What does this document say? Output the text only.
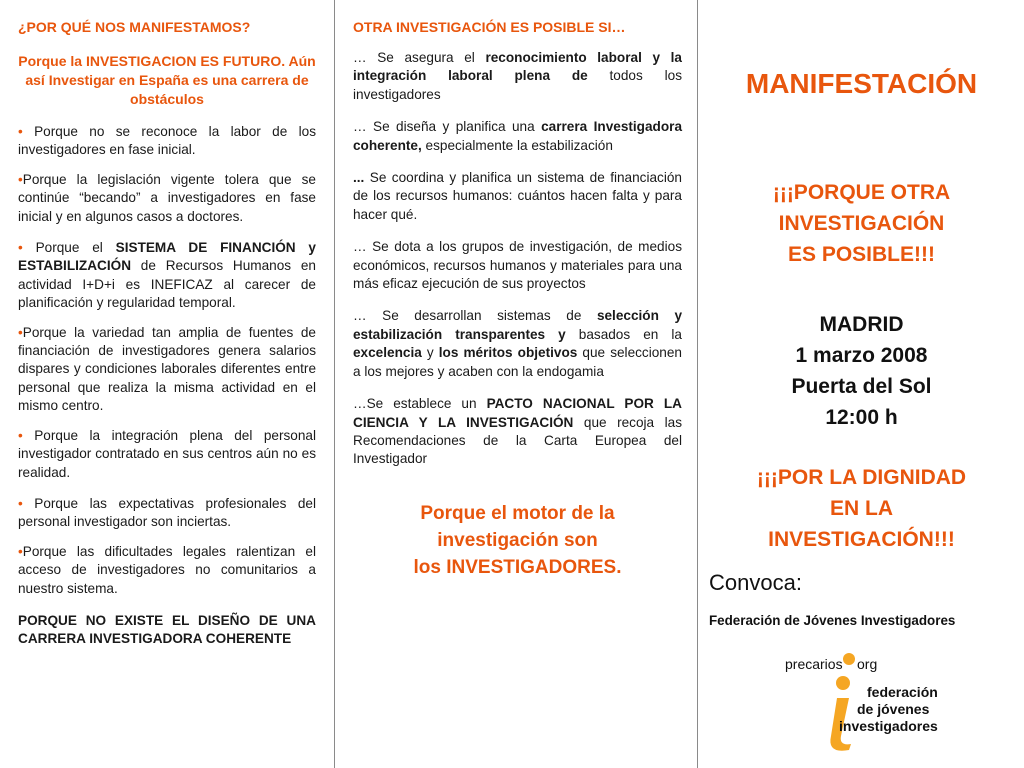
¿POR QUÉ NOS MANIFESTAMOS?

Porque la INVESTIGACION ES FUTURO. Aún así Investigar en España es una carrera de obstáculos

• Porque no se reconoce la labor de los investigadores en fase inicial.

•Porque la legislación vigente tolera que se continúe “becando” a investigadores en fase inicial y en algunos casos a doctores.

• Porque el SISTEMA DE FINANCIÓN y ESTABILIZACIÓN de Recursos Humanos en actividad I+D+i es INEFICAZ al carecer de planificación y regularidad temporal.

•Porque la variedad tan amplia de fuentes de financiación de investigadores genera salarios dispares y condiciones laborales diferentes entre personal que realiza la misma actividad en el mismo centro.

• Porque la integración plena del personal investigador contratado en sus centros aún no es realidad.

• Porque las expectativas profesionales del personal investigador son inciertas.

•Porque las dificultades legales ralentizan el acceso de investigadores no comunitarios a nuestro sistema.

PORQUE NO EXISTE EL DISEÑO DE UNA CARRERA INVESTIGADORA COHERENTE

OTRA INVESTIGACIÓN ES POSIBLE SI…

… Se asegura el reconocimiento laboral y la integración laboral plena de todos los investigadores

… Se diseña y planifica una carrera Investigadora coherente, especialmente la estabilización

... Se coordina y planifica un sistema de financiación de los recursos humanos: cuántos hacen falta y para hacer qué.

… Se dota a los grupos de investigación, de medios económicos, recursos humanos y materiales para una más eficaz ejecución de sus proyectos

… Se desarrollan sistemas de selección y estabilización transparentes y basados en la excelencia y los méritos objetivos que seleccionen a los mejores y acaben con la endogamia

…Se establece un PACTO NACIONAL POR LA CIENCIA Y LA INVESTIGACIÓN que recoja las Recomendaciones de la Carta Europea del Investigador

Porque el motor de la
investigación son
los INVESTIGADORES.

MANIFESTACIÓN

¡¡¡PORQUE OTRA
INVESTIGACIÓN
ES POSIBLE!!!
MADRID
1 marzo 2008
Puerta del Sol
12:00 h
¡¡¡POR LA DIGNIDAD
EN LA
INVESTIGACIÓN!!!

Convoca:

Federación de Jóvenes Investigadores

precarios org
federación
de jóvenes
investigadores
